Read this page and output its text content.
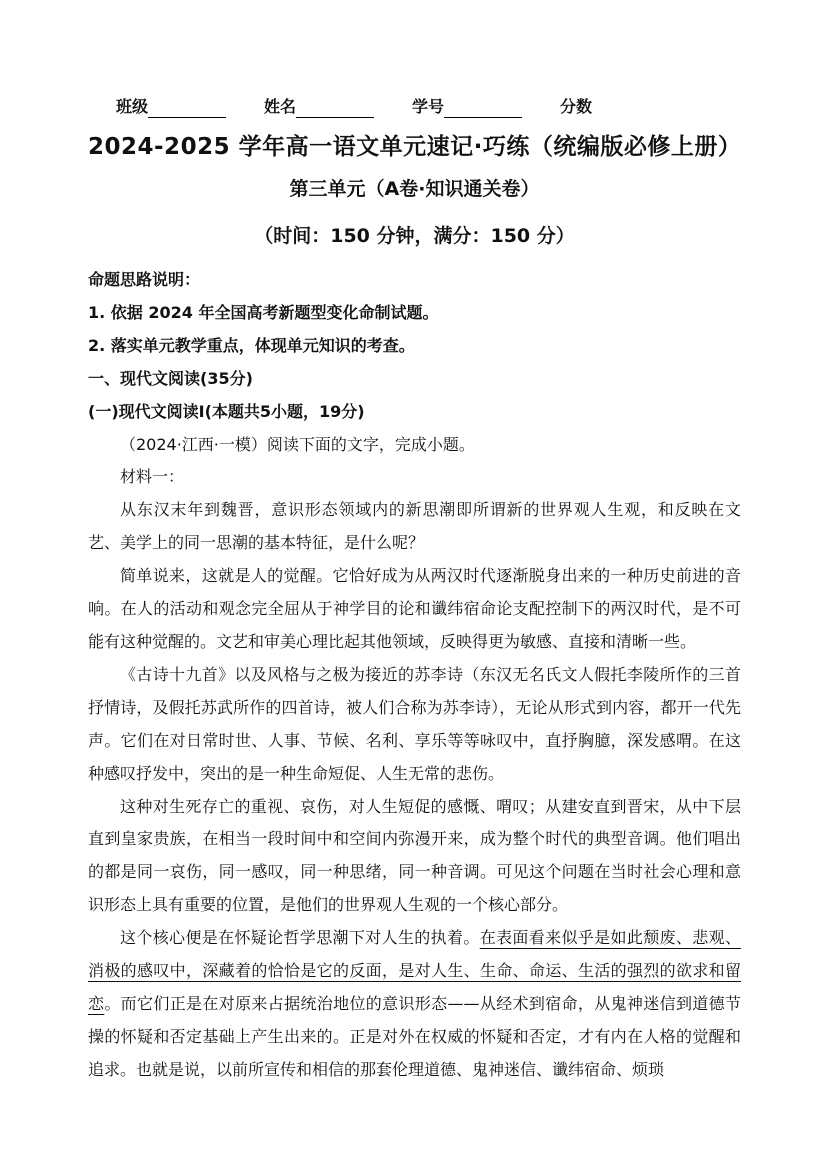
班级	姓名	学号	分数
2024-2025 学年高一语文单元速记·巧练（统编版必修上册）
第三单元（A卷·知识通关卷）
（时间：150 分钟，满分：150 分）

命题思路说明：

1. 依据 2024 年全国高考新题型变化命制试题。

2. 落实单元教学重点，体现单元知识的考查。

一、现代文阅读(35分)

(一)现代文阅读Ⅰ(本题共5小题，19分)

（2024·江西·一模）阅读下面的文字，完成小题。

材料一：

从东汉末年到魏晋，意识形态领域内的新思潮即所谓新的世界观人生观，和反映在文艺、美学上的同一思潮的基本特征，是什么呢？

简单说来，这就是人的觉醒。它恰好成为从两汉时代逐渐脱身出来的一种历史前进的音响。在人的活动和观念完全屈从于神学目的论和谶纬宿命论支配控制下的两汉时代，是不可能有这种觉醒的。文艺和审美心理比起其他领域，反映得更为敏感、直接和清晰一些。

《古诗十九首》以及风格与之极为接近的苏李诗（东汉无名氏文人假托李陵所作的三首抒情诗，及假托苏武所作的四首诗，被人们合称为苏李诗），无论从形式到内容，都开一代先声。它们在对日常时世、人事、节候、名利、享乐等等咏叹中，直抒胸臆，深发感喟。在这种感叹抒发中，突出的是一种生命短促、人生无常的悲伤。

这种对生死存亡的重视、哀伤，对人生短促的感慨、喟叹；从建安直到晋宋，从中下层直到皇家贵族，在相当一段时间中和空间内弥漫开来，成为整个时代的典型音调。他们唱出的都是同一哀伤，同一感叹，同一种思绪，同一种音调。可见这个问题在当时社会心理和意识形态上具有重要的位置，是他们的世界观人生观的一个核心部分。

这个核心便是在怀疑论哲学思潮下对人生的执着。在表面看来似乎是如此颓废、悲观、消极的感叹中，深藏着的恰恰是它的反面，是对人生、生命、命运、生活的强烈的欲求和留恋。而它们正是在对原来占据统治地位的意识形态——从经术到宿命，从鬼神迷信到道德节操的怀疑和否定基础上产生出来的。正是对外在权威的怀疑和否定，才有内在人格的觉醒和追求。也就是说，以前所宣传和相信的那套伦理道德、鬼神迷信、谶纬宿命、烦琐
